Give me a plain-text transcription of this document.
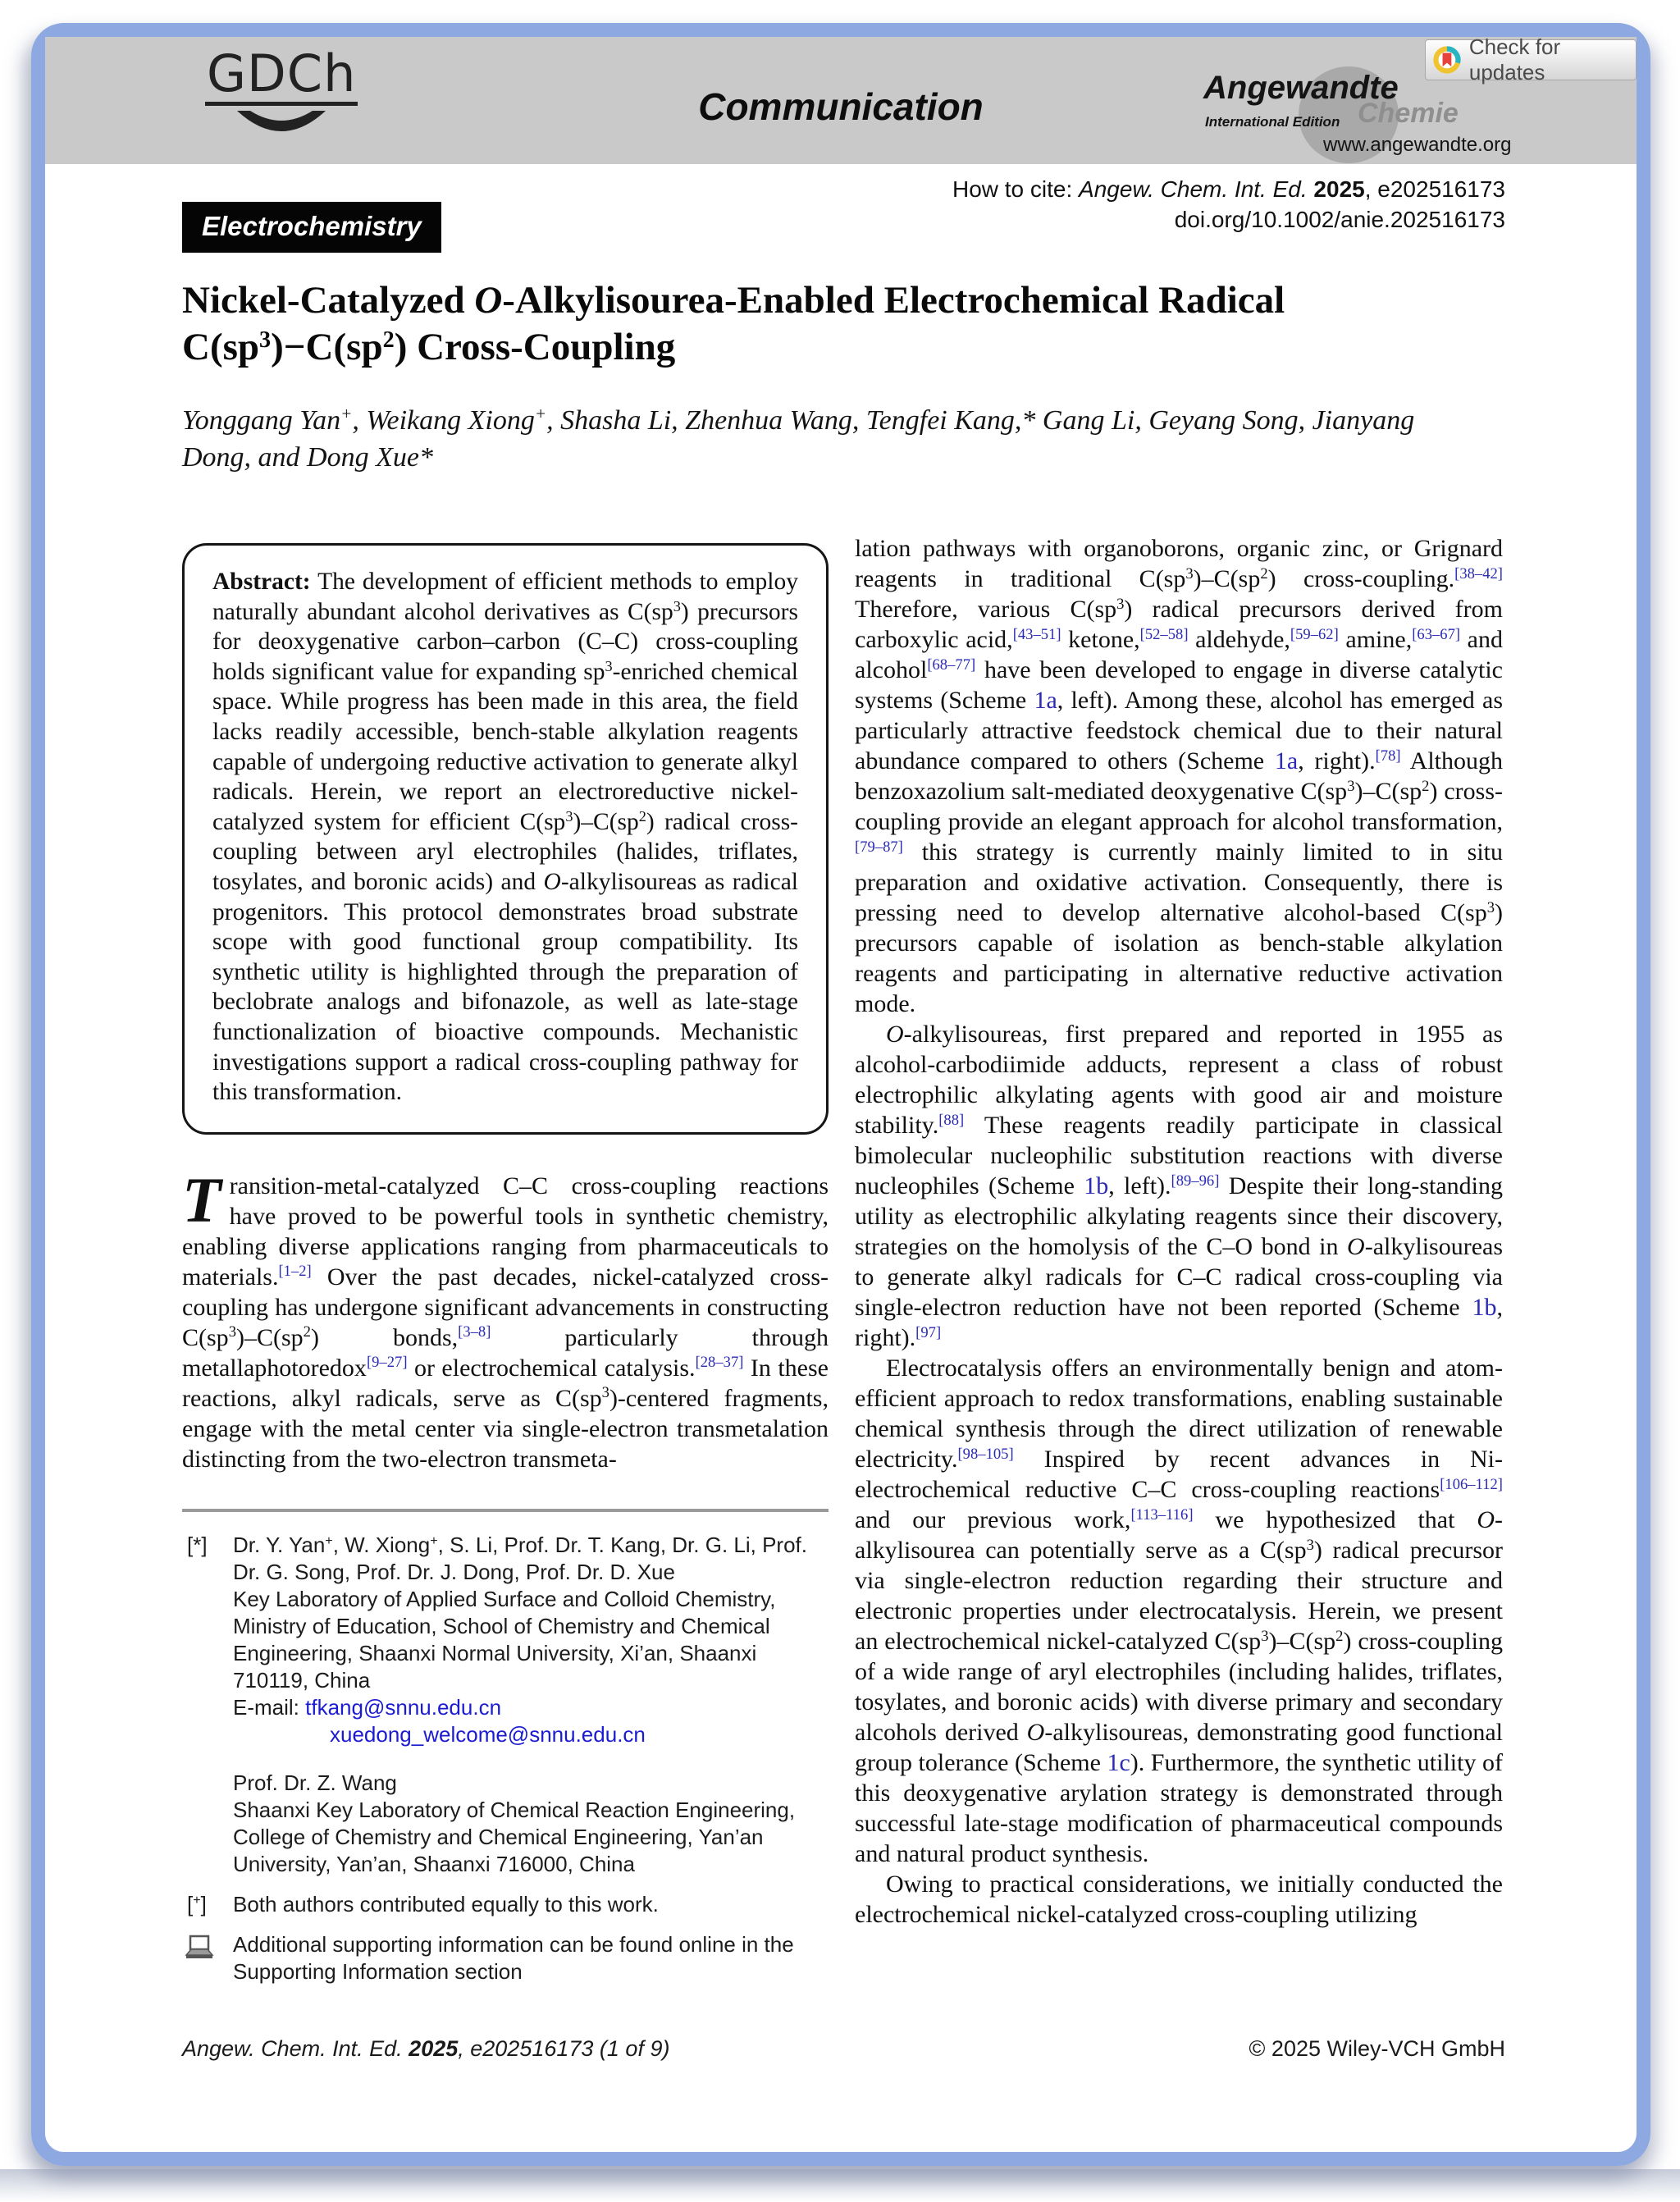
GDCh
Communication	Angewandte
International Edition Chemie
www.angewandte.org
Check for updates
How to cite: Angew. Chem. Int. Ed. 2025, e202516173
doi.org/10.1002/anie.202516173
Electrochemistry
Nickel-Catalyzed O-Alkylisourea-Enabled Electrochemical Radical $C(sp^3)-C(sp^2)$ Cross-Coupling
Yonggang Yan+, Weikang Xiong+, Shasha Li, Zhenhua Wang, Tengfei Kang,* Gang Li, Geyang Song, Jianyang Dong, and Dong Xue*
Abstract: The development of efficient methods to employ naturally abundant alcohol derivatives as $C(sp^3)$ precursors for deoxygenative carbon–carbon (C–C) cross-coupling holds significant value for expanding $sp^3$-enriched chemical space. While progress has been made in this area, the field lacks readily accessible, bench-stable alkylation reagents capable of undergoing reductive activation to generate alkyl radicals. Herein, we report an electroreductive nickel-catalyzed system for efficient $C(sp^3)-C(sp^2)$ radical cross-coupling between aryl electrophiles (halides, triflates, tosylates, and boronic acids) and O-alkylisoureas as radical progenitors. This protocol demonstrates broad substrate scope with good functional group compatibility. Its synthetic utility is highlighted through the preparation of beclobrate analogs and bifonazole, as well as late-stage functionalization of bioactive compounds. Mechanistic investigations support a radical cross-coupling pathway for this transformation.
Transition-metal-catalyzed C–C cross-coupling reactions have proved to be powerful tools in synthetic chemistry, enabling diverse applications ranging from pharmaceuticals to materials.[1–2] Over the past decades, nickel-catalyzed cross-coupling has undergone significant advancements in constructing $C(sp^3)-C(sp^2)$ bonds,[3–8] particularly through metallaphotoredox[9–27] or electrochemical catalysis.[28–37] In these reactions, alkyl radicals, serve as $C(sp^3)$-centered fragments, engage with the metal center via single-electron transmetalation distincting from the two-electron transmeta-
[*] Dr. Y. Yan+, W. Xiong+, S. Li, Prof. Dr. T. Kang, Dr. G. Li, Prof. Dr. G. Song, Prof. Dr. J. Dong, Prof. Dr. D. Xue
Key Laboratory of Applied Surface and Colloid Chemistry, Ministry of Education, School of Chemistry and Chemical Engineering, Shaanxi Normal University, Xi’an, Shaanxi 710119, China
E-mail: tfkang@snnu.edu.cn
xuedong_welcome@snnu.edu.cn
Prof. Dr. Z. Wang
Shaanxi Key Laboratory of Chemical Reaction Engineering, College of Chemistry and Chemical Engineering, Yan’an University, Yan’an, Shaanxi 716000, China
[+] Both authors contributed equally to this work.
Additional supporting information can be found online in the Supporting Information section

lation pathways with organoborons, organic zinc, or Grignard reagents in traditional $C(sp^3)-C(sp^2)$ cross-coupling.[38–42] Therefore, various $C(sp^3)$ radical precursors derived from carboxylic acid,[43–51] ketone,[52–58] aldehyde,[59–62] amine,[63–67] and alcohol[68–77] have been developed to engage in diverse catalytic systems (Scheme 1a, left). Among these, alcohol has emerged as particularly attractive feedstock chemical due to their natural abundance compared to others (Scheme 1a, right).[78] Although benzoxazolium salt-mediated deoxygenative $C(sp^3)-C(sp^2)$ cross-coupling provide an elegant approach for alcohol transformation,[79–87] this strategy is currently mainly limited to in situ preparation and oxidative activation. Consequently, there is pressing need to develop alternative alcohol-based $C(sp^3)$ precursors capable of isolation as bench-stable alkylation reagents and participating in alternative reductive activation mode.

O-alkylisoureas, first prepared and reported in 1955 as alcohol-carbodiimide adducts, represent a class of robust electrophilic alkylating agents with good air and moisture stability.[88] These reagents readily participate in classical bimolecular nucleophilic substitution reactions with diverse nucleophiles (Scheme 1b, left).[89–96] Despite their long-standing utility as electrophilic alkylating reagents since their discovery, strategies on the homolysis of the C–O bond in O-alkylisoureas to generate alkyl radicals for C–C radical cross-coupling via single-electron reduction have not been reported (Scheme 1b, right).[97]

Electrocatalysis offers an environmentally benign and atom-efficient approach to redox transformations, enabling sustainable chemical synthesis through the direct utilization of renewable electricity.[98–105] Inspired by recent advances in Ni-electrochemical reductive C–C cross-coupling reactions[106–112] and our previous work,[113–116] we hypothesized that O-alkylisourea can potentially serve as a $C(sp^3)$ radical precursor via single-electron reduction regarding their structure and electronic properties under electrocatalysis. Herein, we present an electrochemical nickel-catalyzed $C(sp^3)-C(sp^2)$ cross-coupling of a wide range of aryl electrophiles (including halides, triflates, tosylates, and boronic acids) with diverse primary and secondary alcohols derived O-alkylisoureas, demonstrating good functional group tolerance (Scheme 1c). Furthermore, the synthetic utility of this deoxygenative arylation strategy is demonstrated through successful late-stage modification of pharmaceutical compounds and natural product synthesis.

Owing to practical considerations, we initially conducted the electrochemical nickel-catalyzed cross-coupling utilizing

Angew. Chem. Int. Ed. 2025, e202516173 (1 of 9)	© 2025 Wiley-VCH GmbH
